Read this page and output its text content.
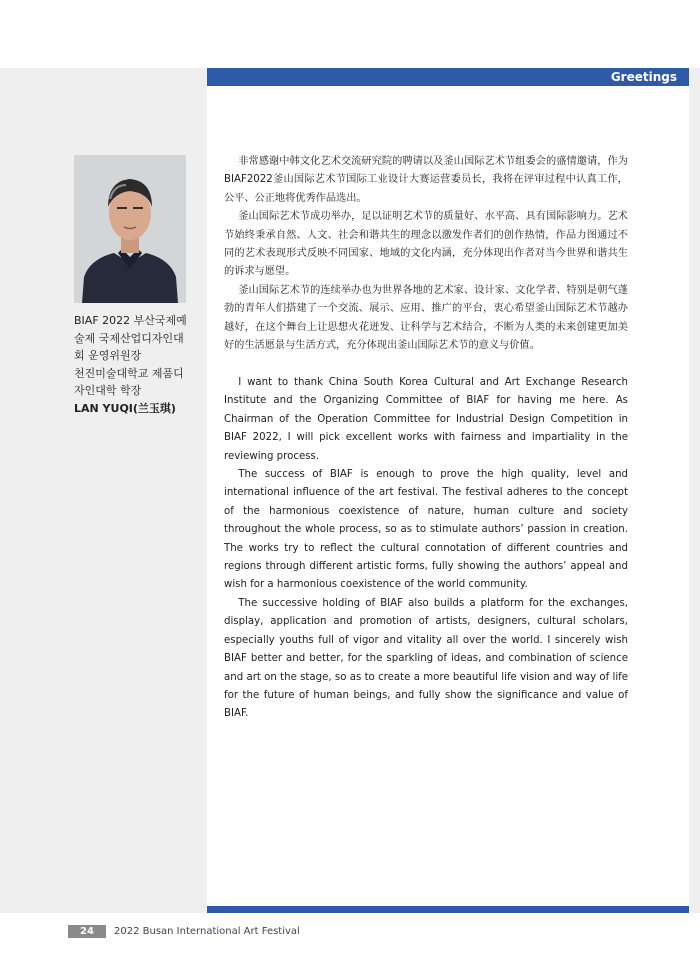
Greetings
BIAF 2022 부산국제예
술제 국제산업디자인대
회 운영위원장
천진미술대학교 제품디
자인대학 학장
LAN YUQI(兰玉琪)

非常感谢中韩文化艺术交流研究院的聘请以及釜山国际艺术节组委会的盛情邀请，作为BIAF2022釜山国际艺术节国际工业设计大赛运营委员长，我将在评审过程中认真工作，公平、公正地将优秀作品选出。

釜山国际艺术节成功举办，足以证明艺术节的质量好、水平高、具有国际影响力。艺术节始终秉承自然、人文、社会和谐共生的理念以激发作者们的创作热情，作品力图通过不同的艺术表现形式反映不同国家、地域的文化内涵，充分体现出作者对当今世界和谐共生的诉求与愿望。

釜山国际艺术节的连续举办也为世界各地的艺术家、设计家、文化学者、特别是朝气蓬勃的青年人们搭建了一个交流、展示、应用、推广的平台，衷心希望釜山国际艺术节越办越好，在这个舞台上让思想火花迸发、让科学与艺术结合，不断为人类的未来创建更加美好的生活愿景与生活方式，充分体现出釜山国际艺术节的意义与价值。

I want to thank China South Korea Cultural and Art Exchange Research Institute and the Organizing Committee of BIAF for having me here. As Chairman of the Operation Committee for Industrial Design Competition in BIAF 2022, I will pick excellent works with fairness and impartiality in the reviewing process.

The success of BIAF is enough to prove the high quality, level and international influence of the art festival. The festival adheres to the concept of the harmonious coexistence of nature, human culture and society throughout the whole process, so as to stimulate authors’ passion in creation. The works try to reflect the cultural connotation of different countries and regions through different artistic forms, fully showing the authors’ appeal and wish for a harmonious coexistence of the world community.

The successive holding of BIAF also builds a platform for the exchanges, display, application and promotion of artists, designers, cultural scholars, especially youths full of vigor and vitality all over the world. I sincerely wish BIAF better and better, for the sparkling of ideas, and combination of science and art on the stage, so as to create a more beautiful life vision and way of life for the future of human beings, and fully show the significance and value of BIAF.

24	2022 Busan International Art Festival
